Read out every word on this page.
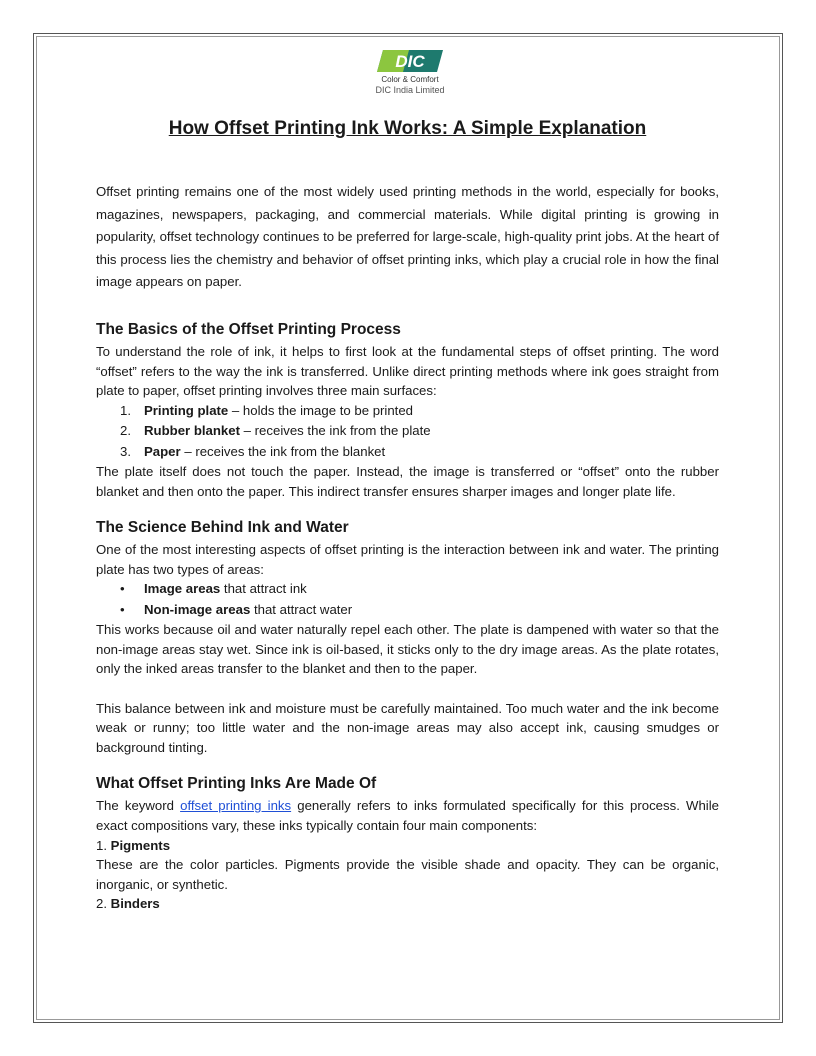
DIC
Color & Comfort
DIC India Limited
How Offset Printing Ink Works: A Simple Explanation

Offset printing remains one of the most widely used printing methods in the world, especially for books, magazines, newspapers, packaging, and commercial materials. While digital printing is growing in popularity, offset technology continues to be preferred for large-scale, high-quality print jobs. At the heart of this process lies the chemistry and behavior of offset printing inks, which play a crucial role in how the final image appears on paper.

The Basics of the Offset Printing Process

To understand the role of ink, it helps to first look at the fundamental steps of offset printing. The word “offset” refers to the way the ink is transferred. Unlike direct printing methods where ink goes straight from plate to paper, offset printing involves three main surfaces:

1. Printing plate – holds the image to be printed
2. Rubber blanket – receives the ink from the plate
3. Paper – receives the ink from the blanket

The plate itself does not touch the paper. Instead, the image is transferred or “offset” onto the rubber blanket and then onto the paper. This indirect transfer ensures sharper images and longer plate life.

The Science Behind Ink and Water

One of the most interesting aspects of offset printing is the interaction between ink and water. The printing plate has two types of areas:

• Image areas that attract ink
• Non-image areas that attract water

This works because oil and water naturally repel each other. The plate is dampened with water so that the non-image areas stay wet. Since ink is oil-based, it sticks only to the dry image areas. As the plate rotates, only the inked areas transfer to the blanket and then to the paper.

This balance between ink and moisture must be carefully maintained. Too much water and the ink become weak or runny; too little water and the non-image areas may also accept ink, causing smudges or background tinting.

What Offset Printing Inks Are Made Of

The keyword offset printing inks generally refers to inks formulated specifically for this process. While exact compositions vary, these inks typically contain four main components:

1. Pigments

These are the color particles. Pigments provide the visible shade and opacity. They can be organic, inorganic, or synthetic.

2. Binders
